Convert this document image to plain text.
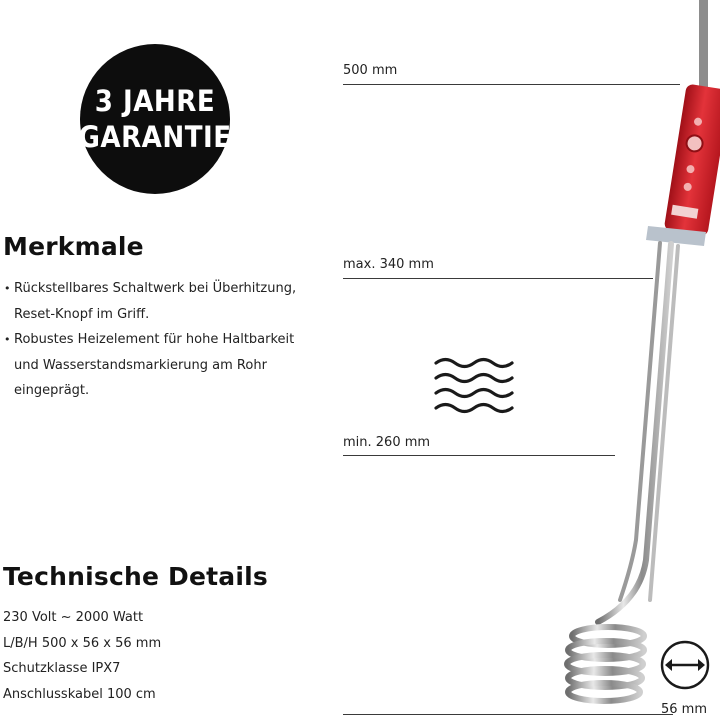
3 JAHRE
GARANTIE
Merkmale
• Rückstellbares Schaltwerk bei Überhitzung, Reset-Knopf im Griff.
• Robustes Heizelement für hohe Haltbarkeit und Wasserstandsmarkierung am Rohr eingeprägt.
Technische Details
230 Volt ~ 2000 Watt
L/B/H 500 x 56 x 56 mm
Schutzklasse IPX7
Anschlusskabel 100 cm
500 mm
max. 340 mm
min. 260 mm
56 mm
